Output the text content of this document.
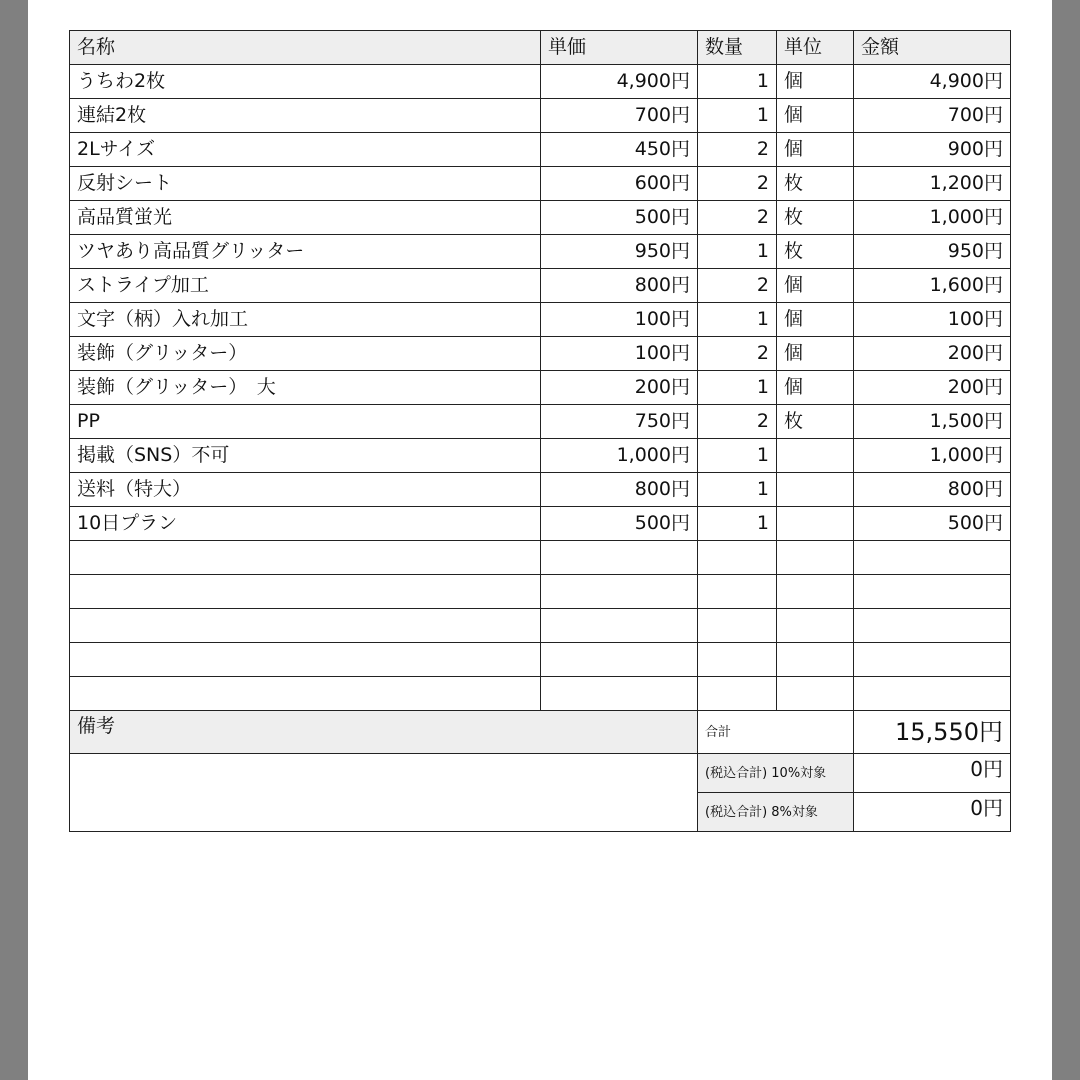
名称	単価	数量	単位	金額
うちわ2枚	4,900円	1	個	4,900円
連結2枚	700円	1	個	700円
2Lサイズ	450円	2	個	900円
反射シート	600円	2	枚	1,200円
高品質蛍光	500円	2	枚	1,000円
ツヤあり高品質グリッター	950円	1	枚	950円
ストライプ加工	800円	2	個	1,600円
文字（柄）入れ加工	100円	1	個	100円
装飾（グリッター）	100円	2	個	200円
装飾（グリッター）　大	200円	1	個	200円
PP	750円	2	枚	1,500円
掲載（SNS）不可	1,000円	1		1,000円
送料（特大）	800円	1		800円
10日プラン	500円	1		500円

備考		合計		15,550円
		(税込合計) 10%対象		0円
		(税込合計) 8%対象		0円
